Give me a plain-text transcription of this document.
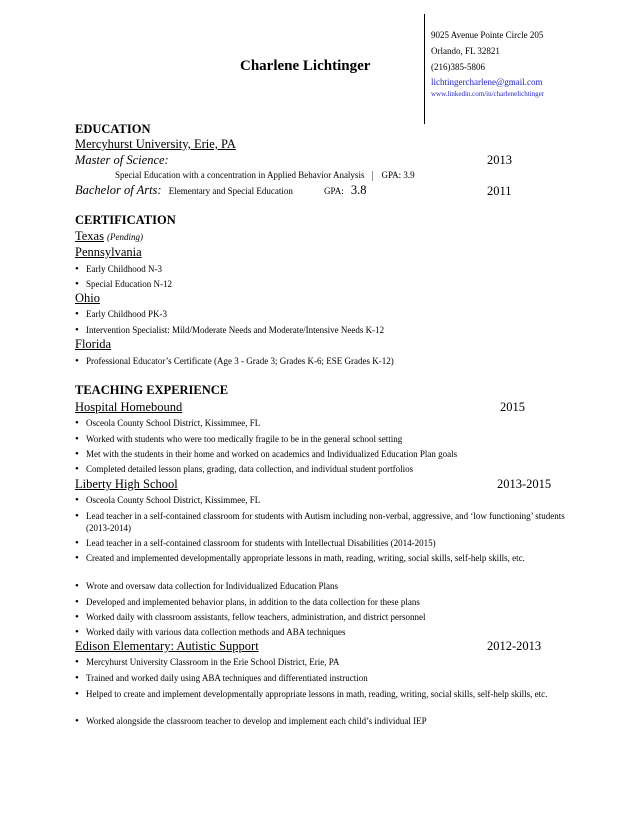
Charlene Lichtinger
9025 Avenue Pointe Circle 205
Orlando, FL 32821
(216)385-5806
lichtingercharlene@gmail.com
www.linkedin.com/in/charlenelichtinger
EDUCATION
Mercyhurst University, Erie, PA
Master of Science:	2013
Special Education with a concentration in Applied Behavior Analysis GPA: 3.9
Bachelor of Arts: Elementary and Special Education	GPA: 3.8	2011
CERTIFICATION
Texas (Pending)
Pennsylvania
• Early Childhood N-3
• Special Education N-12
Ohio
• Early Childhood PK-3
• Intervention Specialist: Mild/Moderate Needs and Moderate/Intensive Needs K-12
Florida
• Professional Educator’s Certificate (Age 3 - Grade 3; Grades K-6; ESE Grades K-12)
TEACHING EXPERIENCE
Hospital Homebound	2015
• Osceola County School District, Kissimmee, FL
• Worked with students who were too medically fragile to be in the general school setting
• Met with the students in their home and worked on academics and Individualized Education Plan goals
• Completed detailed lesson plans, grading, data collection, and individual student portfolios
Liberty High School	2013-2015
• Osceola County School District, Kissimmee, FL
• Lead teacher in a self-contained classroom for students with Autism including non-verbal, aggressive, and ‘low functioning’ students (2013-2014)
• Lead teacher in a self-contained classroom for students with Intellectual Disabilities (2014-2015)
• Created and implemented developmentally appropriate lessons in math, reading, writing, social skills, self-help skills, etc.
• Wrote and oversaw data collection for Individualized Education Plans
• Developed and implemented behavior plans, in addition to the data collection for these plans
• Worked daily with classroom assistants, fellow teachers, administration, and district personnel
• Worked daily with various data collection methods and ABA techniques
Edison Elementary: Autistic Support	2012-2013
• Mercyhurst University Classroom in the Erie School District, Erie, PA
• Trained and worked daily using ABA techniques and differentiated instruction
• Helped to create and implement developmentally appropriate lessons in math, reading, writing, social skills, self-help skills, etc.
• Worked alongside the classroom teacher to develop and implement each child’s individual IEP
